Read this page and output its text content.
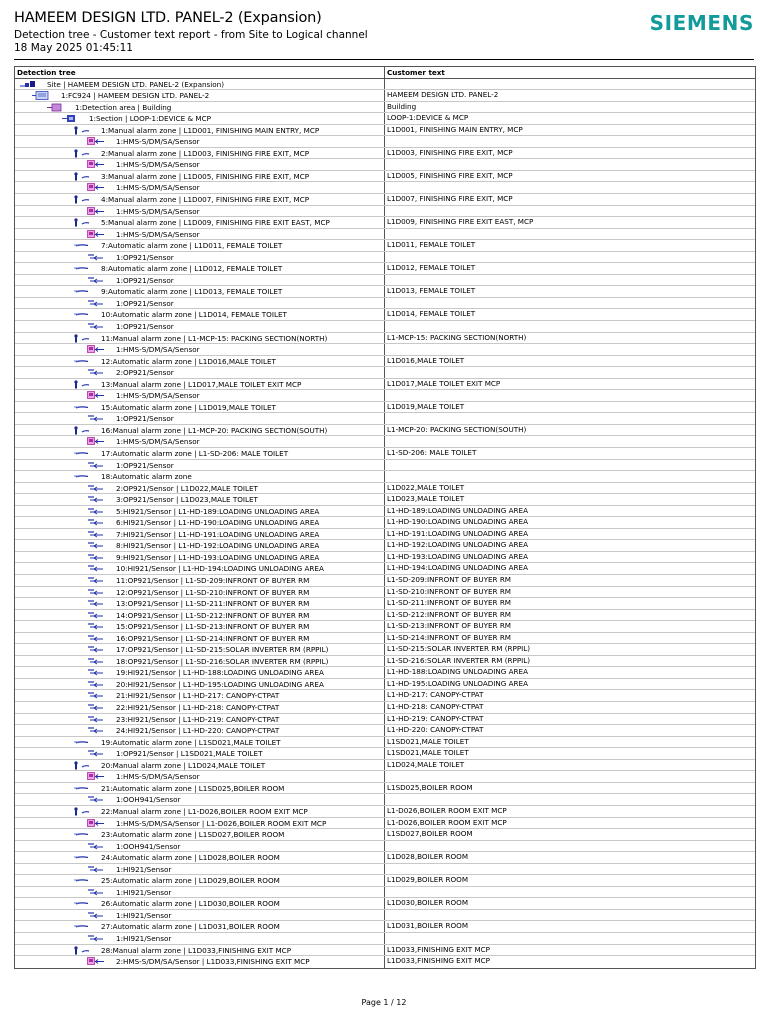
HAMEEM DESIGN LTD. PANEL-2 (Expansion)
Detection tree - Customer text report - from Site to Logical channel
18 May 2025 01:45:11
SIEMENS
Detection tree	Customer text
Site | HAMEEM DESIGN LTD. PANEL-2 (Expansion)
1:FC924 | HAMEEM DESIGN LTD. PANEL-2	HAMEEM DESIGN LTD. PANEL-2
1:Detection area | Building	Building
1:Section | LOOP-1:DEVICE & MCP	LOOP-1:DEVICE & MCP
1:Manual alarm zone | L1D001, FINISHING MAIN ENTRY, MCP	L1D001, FINISHING MAIN ENTRY, MCP
1:HMS-S/DM/SA/Sensor
2:Manual alarm zone | L1D003, FINISHING FIRE EXIT, MCP	L1D003, FINISHING FIRE EXIT, MCP
1:HMS-S/DM/SA/Sensor
3:Manual alarm zone | L1D005, FINISHING FIRE EXIT, MCP	L1D005, FINISHING FIRE EXIT, MCP
1:HMS-S/DM/SA/Sensor
4:Manual alarm zone | L1D007, FINISHING FIRE EXIT, MCP	L1D007, FINISHING FIRE EXIT, MCP
1:HMS-S/DM/SA/Sensor
5:Manual alarm zone | L1D009, FINISHING FIRE EXIT EAST, MCP	L1D009, FINISHING FIRE EXIT EAST, MCP
1:HMS-S/DM/SA/Sensor
7:Automatic alarm zone | L1D011, FEMALE TOILET	L1D011, FEMALE TOILET
1:OP921/Sensor
8:Automatic alarm zone | L1D012, FEMALE TOILET	L1D012, FEMALE TOILET
1:OP921/Sensor
9:Automatic alarm zone | L1D013, FEMALE TOILET	L1D013, FEMALE TOILET
1:OP921/Sensor
10:Automatic alarm zone | L1D014, FEMALE TOILET	L1D014, FEMALE TOILET
1:OP921/Sensor
11:Manual alarm zone | L1-MCP-15: PACKING SECTION(NORTH)	L1-MCP-15: PACKING SECTION(NORTH)
1:HMS-S/DM/SA/Sensor
12:Automatic alarm zone | L1D016,MALE TOILET	L1D016,MALE TOILET
2:OP921/Sensor
13:Manual alarm zone | L1D017,MALE TOILET EXIT MCP	L1D017,MALE TOILET EXIT MCP
1:HMS-S/DM/SA/Sensor
15:Automatic alarm zone | L1D019,MALE TOILET	L1D019,MALE TOILET
1:OP921/Sensor
16:Manual alarm zone | L1-MCP-20: PACKING SECTION(SOUTH)	L1-MCP-20: PACKING SECTION(SOUTH)
1:HMS-S/DM/SA/Sensor
17:Automatic alarm zone | L1-SD-206: MALE TOILET	L1-SD-206: MALE TOILET
1:OP921/Sensor
18:Automatic alarm zone
2:OP921/Sensor | L1D022,MALE TOILET	L1D022,MALE TOILET
3:OP921/Sensor | L1D023,MALE TOILET	L1D023,MALE TOILET
5:HI921/Sensor | L1-HD-189:LOADING UNLOADING AREA	L1-HD-189:LOADING UNLOADING AREA
6:HI921/Sensor | L1-HD-190:LOADING UNLOADING AREA	L1-HD-190:LOADING UNLOADING AREA
7:HI921/Sensor | L1-HD-191:LOADING UNLOADING AREA	L1-HD-191:LOADING UNLOADING AREA
8:HI921/Sensor | L1-HD-192:LOADING UNLOADING AREA	L1-HD-192:LOADING UNLOADING AREA
9:HI921/Sensor | L1-HD-193:LOADING UNLOADING AREA	L1-HD-193:LOADING UNLOADING AREA
10:HI921/Sensor | L1-HD-194:LOADING UNLOADING AREA	L1-HD-194:LOADING UNLOADING AREA
11:OP921/Sensor | L1-SD-209:INFRONT OF BUYER RM	L1-SD-209:INFRONT OF BUYER RM
12:OP921/Sensor | L1-SD-210:INFRONT OF BUYER RM	L1-SD-210:INFRONT OF BUYER RM
13:OP921/Sensor | L1-SD-211:INFRONT OF BUYER RM	L1-SD-211:INFRONT OF BUYER RM
14:OP921/Sensor | L1-SD-212:INFRONT OF BUYER RM	L1-SD-212:INFRONT OF BUYER RM
15:OP921/Sensor | L1-SD-213:INFRONT OF BUYER RM	L1-SD-213:INFRONT OF BUYER RM
16:OP921/Sensor | L1-SD-214:INFRONT OF BUYER RM	L1-SD-214:INFRONT OF BUYER RM
17:OP921/Sensor | L1-SD-215:SOLAR INVERTER RM (RPPIL)	L1-SD-215:SOLAR INVERTER RM (RPPIL)
18:OP921/Sensor | L1-SD-216:SOLAR INVERTER RM (RPPIL)	L1-SD-216:SOLAR INVERTER RM (RPPIL)
19:HI921/Sensor | L1-HD-188:LOADING UNLOADING AREA	L1-HD-188:LOADING UNLOADING AREA
20:HI921/Sensor | L1-HD-195:LOADING UNLOADING AREA	L1-HD-195:LOADING UNLOADING AREA
21:HI921/Sensor | L1-HD-217: CANOPY-CTPAT	L1-HD-217: CANOPY-CTPAT
22:HI921/Sensor | L1-HD-218: CANOPY-CTPAT	L1-HD-218: CANOPY-CTPAT
23:HI921/Sensor | L1-HD-219: CANOPY-CTPAT	L1-HD-219: CANOPY-CTPAT
24:HI921/Sensor | L1-HD-220: CANOPY-CTPAT	L1-HD-220: CANOPY-CTPAT
19:Automatic alarm zone | L1SD021,MALE TOILET	L1SD021,MALE TOILET
1:OP921/Sensor | L1SD021,MALE TOILET	L1SD021,MALE TOILET
20:Manual alarm zone | L1D024,MALE TOILET	L1D024,MALE TOILET
1:HMS-S/DM/SA/Sensor
21:Automatic alarm zone | L1SD025,BOILER ROOM	L1SD025,BOILER ROOM
1:OOH941/Sensor
22:Manual alarm zone | L1-D026,BOILER ROOM EXIT MCP	L1-D026,BOILER ROOM EXIT MCP
1:HMS-S/DM/SA/Sensor | L1-D026,BOILER ROOM EXIT MCP	L1-D026,BOILER ROOM EXIT MCP
23:Automatic alarm zone | L1SD027,BOILER ROOM	L1SD027,BOILER ROOM
1:OOH941/Sensor
24:Automatic alarm zone | L1D028,BOILER ROOM	L1D028,BOILER ROOM
1:HI921/Sensor
25:Automatic alarm zone | L1D029,BOILER ROOM	L1D029,BOILER ROOM
1:HI921/Sensor
26:Automatic alarm zone | L1D030,BOILER ROOM	L1D030,BOILER ROOM
1:HI921/Sensor
27:Automatic alarm zone | L1D031,BOILER ROOM	L1D031,BOILER ROOM
1:HI921/Sensor
28:Manual alarm zone | L1D033,FINISHING EXIT MCP	L1D033,FINISHING EXIT MCP
2:HMS-S/DM/SA/Sensor | L1D033,FINISHING EXIT MCP	L1D033,FINISHING EXIT MCP
Page 1 / 12
